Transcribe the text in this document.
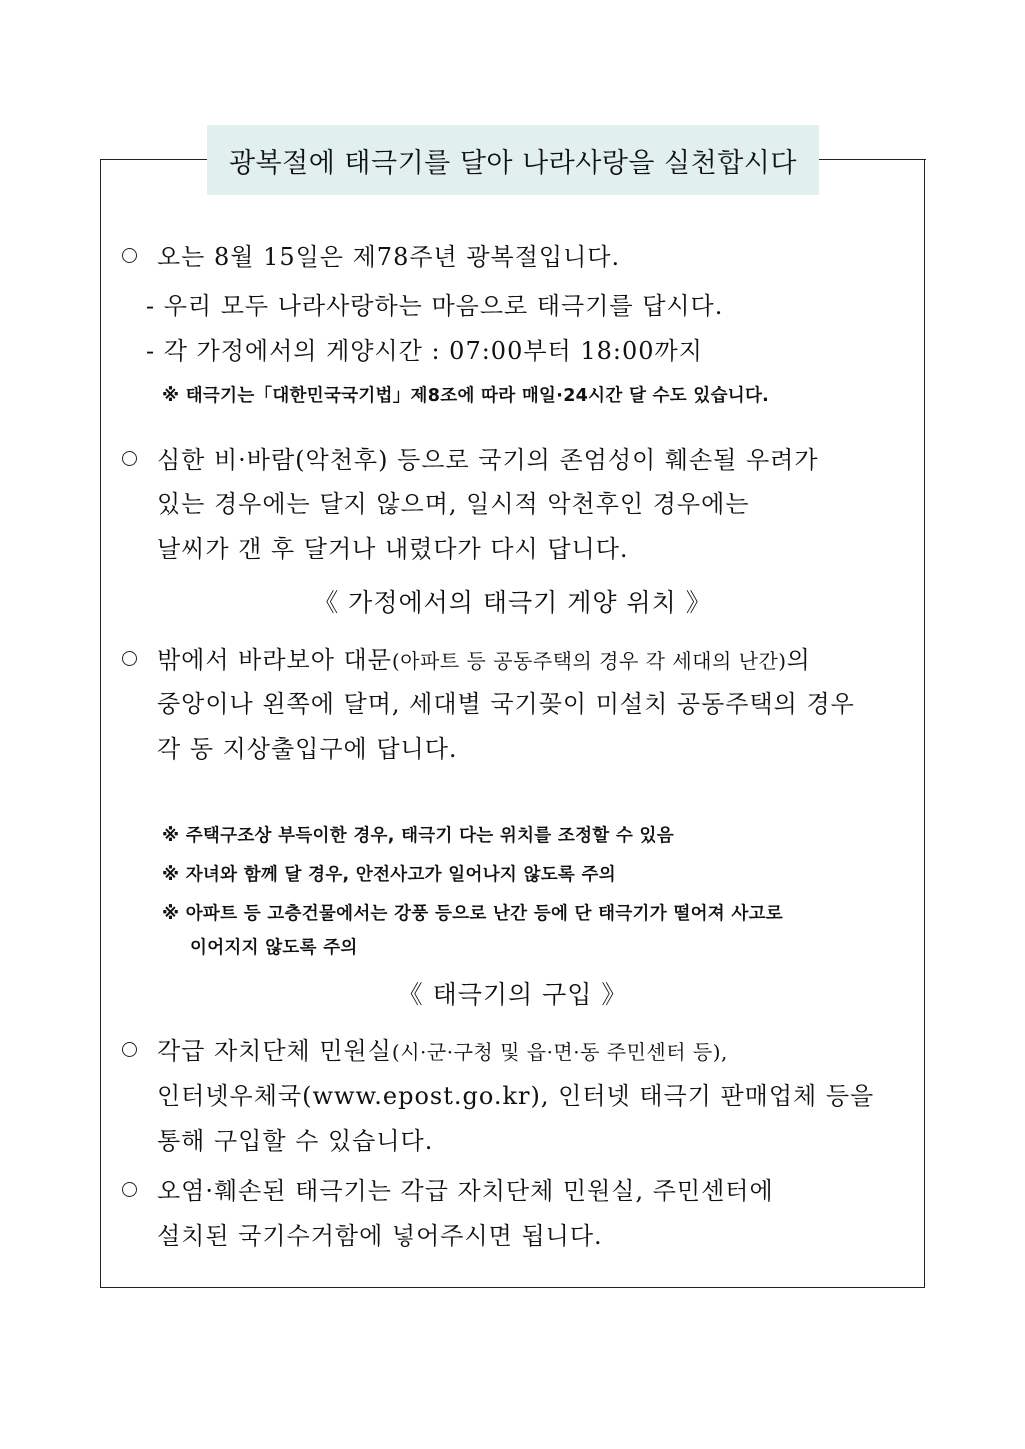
광복절에 태극기를 달아 나라사랑을 실천합시다
오는 8월 15일은 제78주년 광복절입니다.
- 우리 모두 나라사랑하는 마음으로 태극기를 답시다.
- 각 가정에서의 게양시간 : 07:00부터 18:00까지
※ 태극기는「대한민국국기법」제8조에 따라 매일·24시간 달 수도 있습니다.
심한 비·바람(악천후) 등으로 국기의 존엄성이 훼손될 우려가
있는 경우에는 달지 않으며, 일시적 악천후인 경우에는
날씨가 갠 후 달거나 내렸다가 다시 답니다.
《 가정에서의 태극기 게양 위치 》
밖에서 바라보아 대문(아파트 등 공동주택의 경우 각 세대의 난간)의
중앙이나 왼쪽에 달며, 세대별 국기꽂이 미설치 공동주택의 경우
각 동 지상출입구에 답니다.
※ 주택구조상 부득이한 경우, 태극기 다는 위치를 조정할 수 있음
※ 자녀와 함께 달 경우, 안전사고가 일어나지 않도록 주의
※ 아파트 등 고층건물에서는 강풍 등으로 난간 등에 단 태극기가 떨어져 사고로
이어지지 않도록 주의
《 태극기의 구입 》
각급 자치단체 민원실(시·군·구청 및 읍·면·동 주민센터 등),
인터넷우체국(www.epost.go.kr), 인터넷 태극기 판매업체 등을
통해 구입할 수 있습니다.
오염·훼손된 태극기는 각급 자치단체 민원실, 주민센터에
설치된 국기수거함에 넣어주시면 됩니다.
